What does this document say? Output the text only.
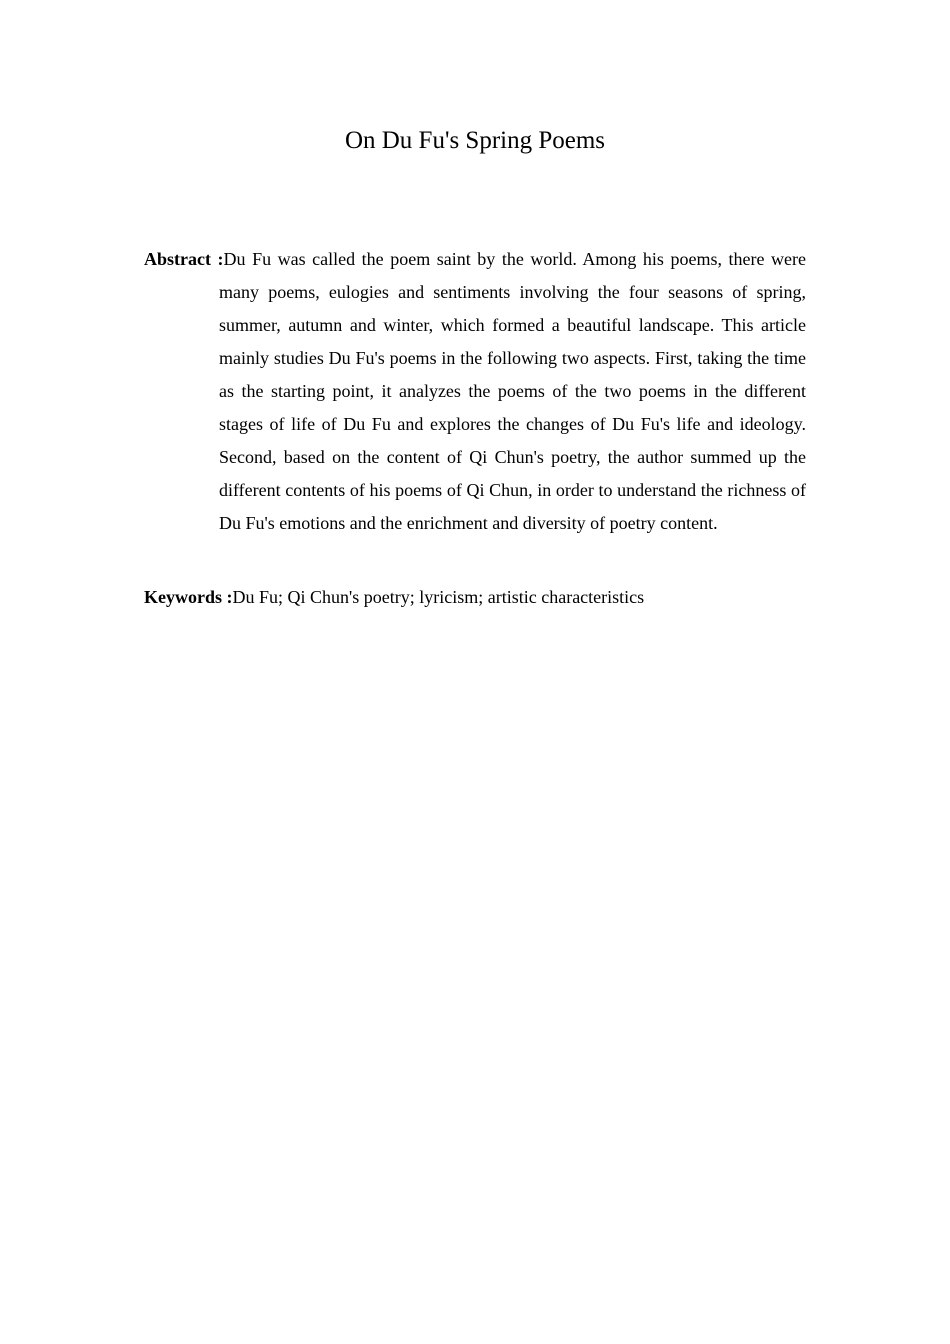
On Du Fu's Spring Poems

Abstract :Du Fu was called the poem saint by the world. Among his poems, there were many poems, eulogies and sentiments involving the four seasons of spring, summer, autumn and winter, which formed a beautiful landscape. This article mainly studies Du Fu's poems in the following two aspects. First, taking the time as the starting point, it analyzes the poems of the two poems in the different stages of life of Du Fu and explores the changes of Du Fu's life and ideology. Second, based on the content of Qi Chun's poetry, the author summed up the different contents of his poems of Qi Chun, in order to understand the richness of Du Fu's emotions and the enrichment and diversity of poetry content.

Keywords :Du Fu; Qi Chun's poetry; lyricism; artistic characteristics
